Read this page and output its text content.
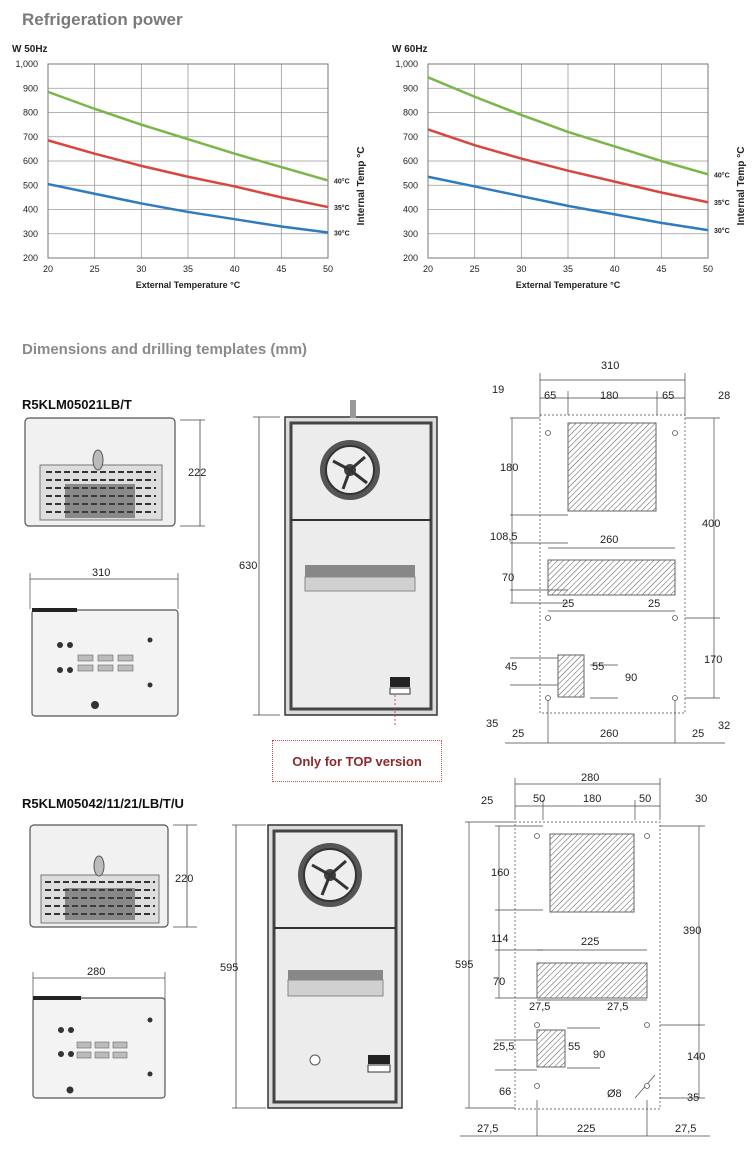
Refrigeration power
W 50Hz
20	25	30	35	40	45	50
200
300
400
500
600
700
800
900
1,000
40°C
35°C
30°C
External Temperature °C
Internal Temp °C
W 60Hz
20	25	30	35	40	45	50
200
300
400
500
600
700
800
900
1,000
40°C
35°C
30°C
External Temperature °C
Internal Temp °C
Dimensions and drilling templates (mm)
R5KLM05021LB/T
222
310
630
Only for TOP version
310
19	65	180	65	28
180
108,5
400
260
70
25	25
45	55
90
170
35
25	260	25
32
R5KLM05042/11/21/LB/T/U
220
280	595
280
25	50	180	50	30
595
160
114
390
225
70
27,5	27,5
25,5	55
90	140
66	Ø8	35
27,5	225	27,5
